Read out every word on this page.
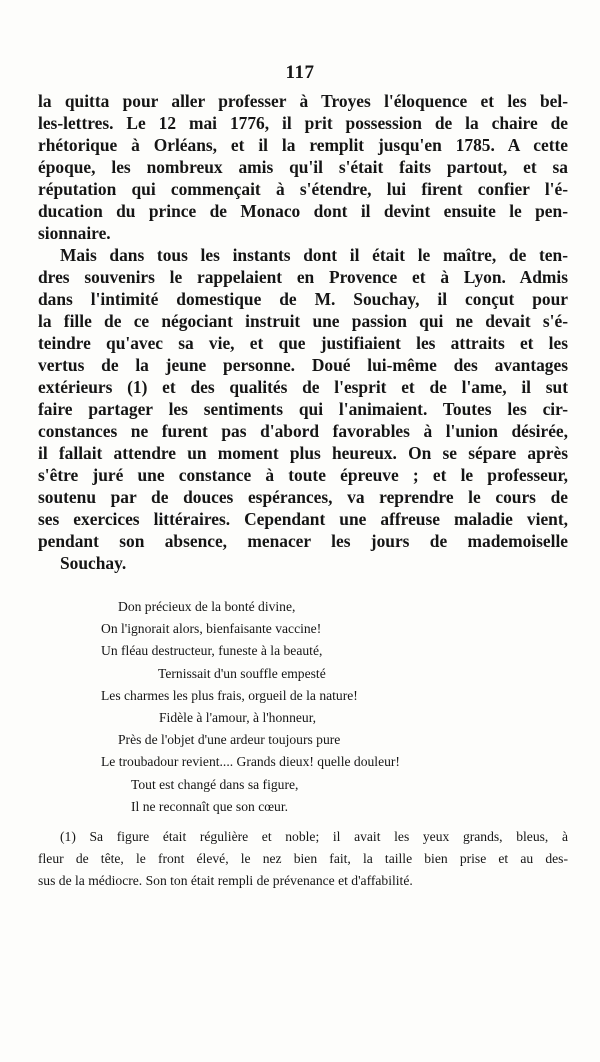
117
la quitta pour aller professer à Troyes l'éloquence et les bel-
les-lettres. Le 12 mai 1776, il prit possession de la chaire de
rhétorique à Orléans, et il la remplit jusqu'en 1785. A cette
époque, les nombreux amis qu'il s'était faits partout, et sa
réputation qui commençait à s'étendre, lui firent confier l'é-
ducation du prince de Monaco dont il devint ensuite le pen-
sionnaire.
Mais dans tous les instants dont il était le maître, de ten-
dres souvenirs le rappelaient en Provence et à Lyon. Admis
dans l'intimité domestique de M. Souchay, il conçut pour
la fille de ce négociant instruit une passion qui ne devait s'é-
teindre qu'avec sa vie, et que justifiaient les attraits et les
vertus de la jeune personne. Doué lui-même des avantages
extérieurs (1) et des qualités de l'esprit et de l'ame, il sut
faire partager les sentiments qui l'animaient. Toutes les cir-
constances ne furent pas d'abord favorables à l'union désirée,
il fallait attendre un moment plus heureux. On se sépare après
s'être juré une constance à toute épreuve ; et le professeur,
soutenu par de douces espérances, va reprendre le cours de
ses exercices littéraires. Cependant une affreuse maladie vient,
pendant son absence, menacer les jours de mademoiselle
Souchay.
Don précieux de la bonté divine,
On l'ignorait alors, bienfaisante vaccine!
Un fléau destructeur, funeste à la beauté,
Ternissait d'un souffle empesté
Les charmes les plus frais, orgueil de la nature!
Fidèle à l'amour, à l'honneur,
Près de l'objet d'une ardeur toujours pure
Le troubadour revient.... Grands dieux! quelle douleur!
Tout est changé dans sa figure,
Il ne reconnaît que son cœur.
(1) Sa figure était régulière et noble; il avait les yeux grands, bleus, à
fleur de tête, le front élevé, le nez bien fait, la taille bien prise et au des-
sus de la médiocre. Son ton était rempli de prévenance et d'affabilité.
